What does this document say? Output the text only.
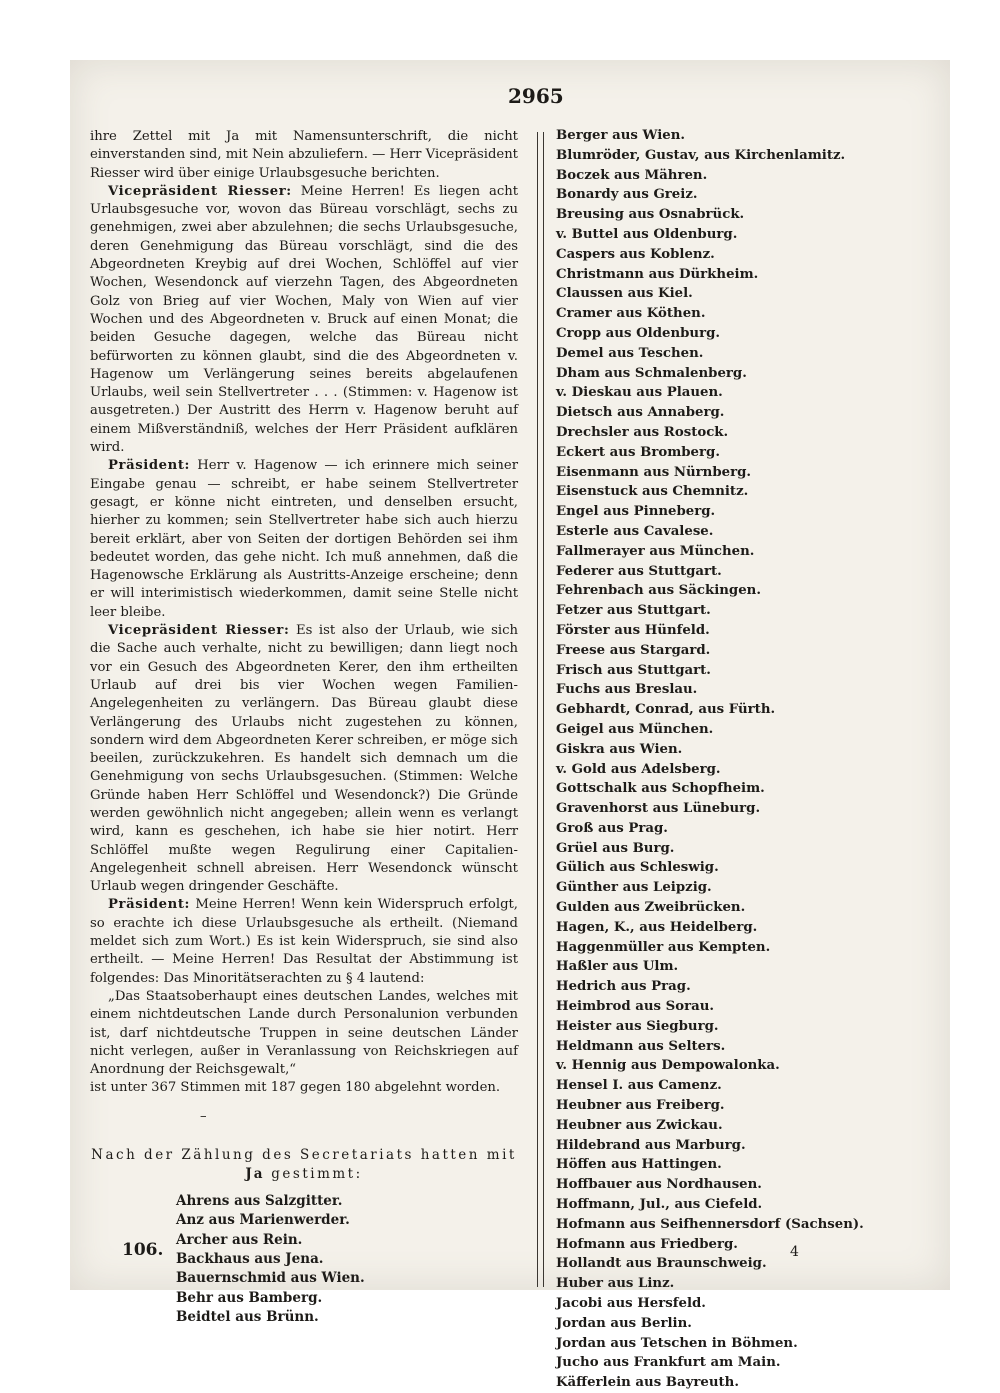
2965

ihre Zettel mit Ja mit Namensunterschrift, die nicht einverstanden sind, mit Nein abzuliefern. — Herr Vicepräsident Riesser wird über einige Urlaubsgesuche berichten.

Vicepräsident Riesser: Meine Herren! Es liegen acht Urlaubsgesuche vor, wovon das Büreau vorschlägt, sechs zu genehmigen, zwei aber abzulehnen; die sechs Urlaubsgesuche, deren Genehmigung das Büreau vorschlägt, sind die des Abgeordneten Kreybig auf drei Wochen, Schlöffel auf vier Wochen, Wesendonck auf vierzehn Tagen, des Abgeordneten Golz von Brieg auf vier Wochen, Maly von Wien auf vier Wochen und des Abgeordneten v. Bruck auf einen Monat; die beiden Gesuche dagegen, welche das Büreau nicht befürworten zu können glaubt, sind die des Abgeordneten v. Hagenow um Verlängerung seines bereits abgelaufenen Urlaubs, weil sein Stellvertreter . . . (Stimmen: v. Hagenow ist ausgetreten.) Der Austritt des Herrn v. Hagenow beruht auf einem Mißverständniß, welches der Herr Präsident aufklären wird.

Präsident: Herr v. Hagenow — ich erinnere mich seiner Eingabe genau — schreibt, er habe seinem Stellvertreter gesagt, er könne nicht eintreten, und denselben ersucht, hierher zu kommen; sein Stellvertreter habe sich auch hierzu bereit erklärt, aber von Seiten der dortigen Behörden sei ihm bedeutet worden, das gehe nicht. Ich muß annehmen, daß die Hagenowsche Erklärung als Austritts-Anzeige erscheine; denn er will interimistisch wiederkommen, damit seine Stelle nicht leer bleibe.

Vicepräsident Riesser: Es ist also der Urlaub, wie sich die Sache auch verhalte, nicht zu bewilligen; dann liegt noch vor ein Gesuch des Abgeordneten Kerer, den ihm ertheilten Urlaub auf drei bis vier Wochen wegen Familien-Angelegenheiten zu verlängern. Das Büreau glaubt diese Verlängerung des Urlaubs nicht zugestehen zu können, sondern wird dem Abgeordneten Kerer schreiben, er möge sich beeilen, zurückzukehren. Es handelt sich demnach um die Genehmigung von sechs Urlaubsgesuchen. (Stimmen: Welche Gründe haben Herr Schlöffel und Wesendonck?) Die Gründe werden gewöhnlich nicht angegeben; allein wenn es verlangt wird, kann es geschehen, ich habe sie hier notirt. Herr Schlöffel mußte wegen Regulirung einer Capitalien-Angelegenheit schnell abreisen. Herr Wesendonck wünscht Urlaub wegen dringender Geschäfte.

Präsident: Meine Herren! Wenn kein Widerspruch erfolgt, so erachte ich diese Urlaubsgesuche als ertheilt. (Niemand meldet sich zum Wort.) Es ist kein Widerspruch, sie sind also ertheilt. — Meine Herren! Das Resultat der Abstimmung ist folgendes: Das Minoritätserachten zu § 4 lautend:

„Das Staatsoberhaupt eines deutschen Landes, welches mit einem nichtdeutschen Lande durch Personalunion verbunden ist, darf nichtdeutsche Truppen in seine deutschen Länder nicht verlegen, außer in Veranlassung von Reichskriegen auf Anordnung der Reichsgewalt,“

ist unter 367 Stimmen mit 187 gegen 180 abgelehnt worden.

–
Nach der Zählung des Secretariats hatten mit
Ja gestimmt:
Ahrens aus Salzgitter.
Anz aus Marienwerder.
Archer aus Rein.
Backhaus aus Jena.
Bauernschmid aus Wien.
Behr aus Bamberg.
Beidtel aus Brünn.
Berger aus Wien.
Blumröder, Gustav, aus Kirchenlamitz.
Boczek aus Mähren.
Bonardy aus Greiz.
Breusing aus Osnabrück.
v. Buttel aus Oldenburg.
Caspers aus Koblenz.
Christmann aus Dürkheim.
Claussen aus Kiel.
Cramer aus Köthen.
Cropp aus Oldenburg.
Demel aus Teschen.
Dham aus Schmalenberg.
v. Dieskau aus Plauen.
Dietsch aus Annaberg.
Drechsler aus Rostock.
Eckert aus Bromberg.
Eisenmann aus Nürnberg.
Eisenstuck aus Chemnitz.
Engel aus Pinneberg.
Esterle aus Cavalese.
Fallmerayer aus München.
Federer aus Stuttgart.
Fehrenbach aus Säckingen.
Fetzer aus Stuttgart.
Förster aus Hünfeld.
Freese aus Stargard.
Frisch aus Stuttgart.
Fuchs aus Breslau.
Gebhardt, Conrad, aus Fürth.
Geigel aus München.
Giskra aus Wien.
v. Gold aus Adelsberg.
Gottschalk aus Schopfheim.
Gravenhorst aus Lüneburg.
Groß aus Prag.
Grüel aus Burg.
Gülich aus Schleswig.
Günther aus Leipzig.
Gulden aus Zweibrücken.
Hagen, K., aus Heidelberg.
Haggenmüller aus Kempten.
Haßler aus Ulm.
Hedrich aus Prag.
Heimbrod aus Sorau.
Heister aus Siegburg.
Heldmann aus Selters.
v. Hennig aus Dempowalonka.
Hensel I. aus Camenz.
Heubner aus Freiberg.
Heubner aus Zwickau.
Hildebrand aus Marburg.
Höffen aus Hattingen.
Hoffbauer aus Nordhausen.
Hoffmann, Jul., aus Ciefeld.
Hofmann aus Seifhennersdorf (Sachsen).
Hofmann aus Friedberg.
Hollandt aus Braunschweig.
Huber aus Linz.
Jacobi aus Hersfeld.
Jordan aus Berlin.
Jordan aus Tetschen in Böhmen.
Jucho aus Frankfurt am Main.
Käfferlein aus Bayreuth.
106.	4
